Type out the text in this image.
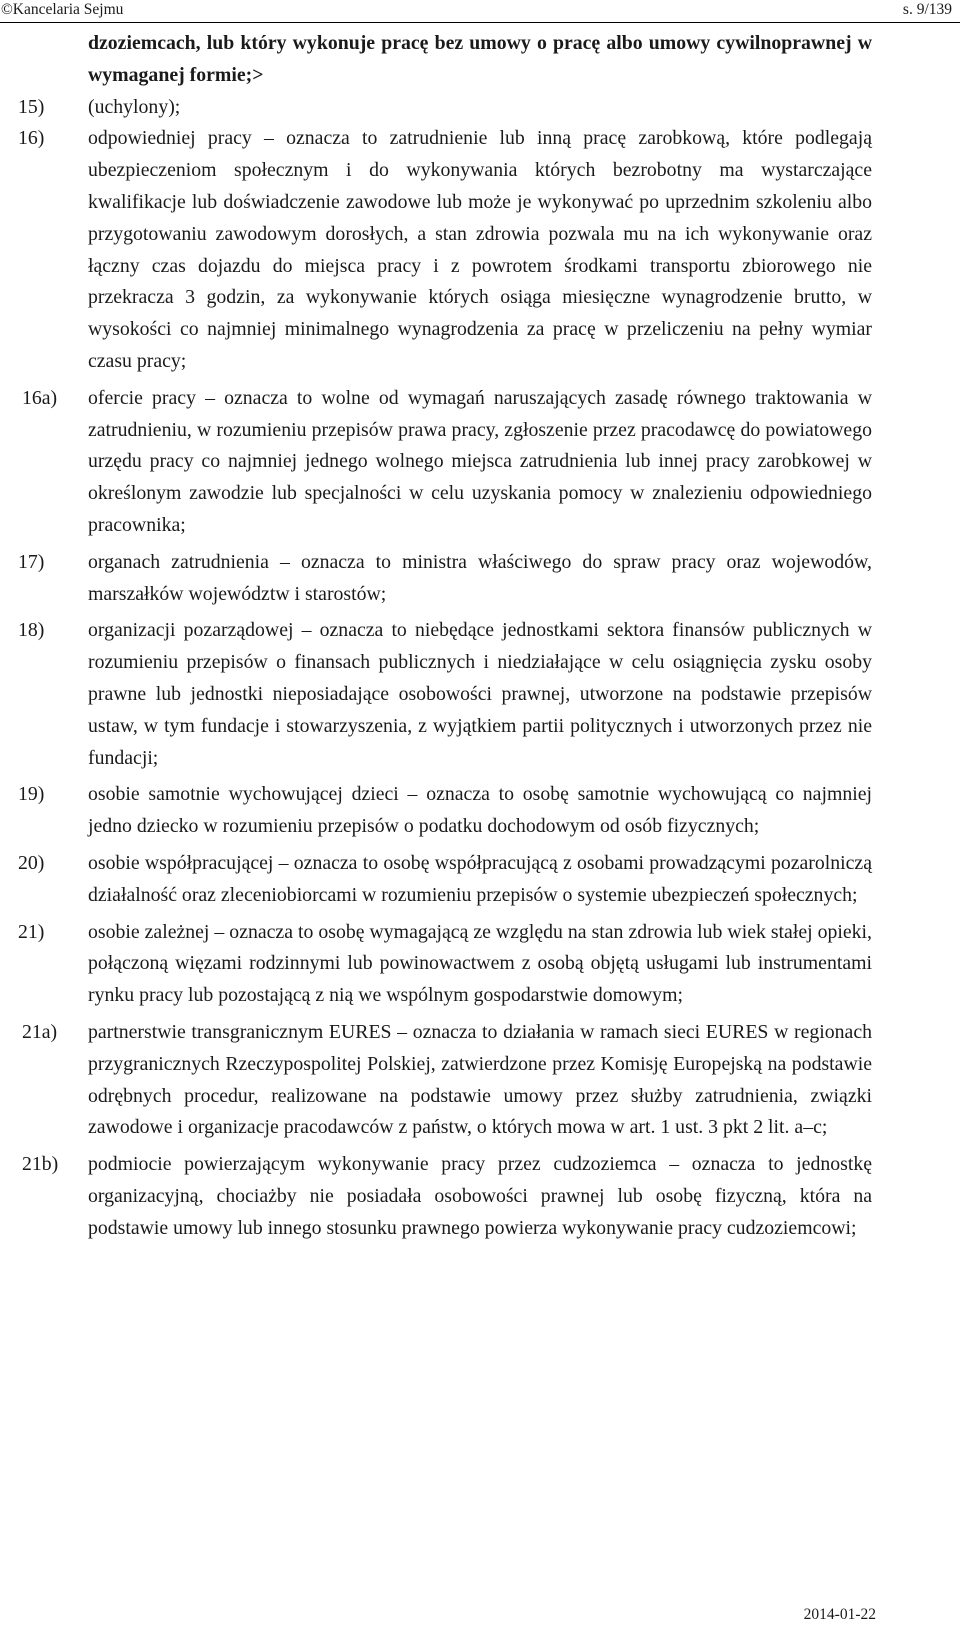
©Kancelaria Sejmu	s. 9/139

dzoziemcach, lub który wykonuje pracę bez umowy o pracę albo umowy cywilnoprawnej w wymaganej formie;>

15) (uchylony);
16) odpowiedniej pracy – oznacza to zatrudnienie lub inną pracę zarobkową, które podlegają ubezpieczeniom społecznym i do wykonywania których bezrobotny ma wystarczające kwalifikacje lub doświadczenie zawodowe lub może je wykonywać po uprzednim szkoleniu albo przygotowaniu zawodowym dorosłych, a stan zdrowia pozwala mu na ich wykonywanie oraz łączny czas dojazdu do miejsca pracy i z powrotem środkami transportu zbiorowego nie przekracza 3 godzin, za wykonywanie których osiąga miesięczne wynagrodzenie brutto, w wysokości co najmniej minimalnego wynagrodzenia za pracę w przeliczeniu na pełny wymiar czasu pracy;
16a) ofercie pracy – oznacza to wolne od wymagań naruszających zasadę równego traktowania w zatrudnieniu, w rozumieniu przepisów prawa pracy, zgłoszenie przez pracodawcę do powiatowego urzędu pracy co najmniej jednego wolnego miejsca zatrudnienia lub innej pracy zarobkowej w określonym zawodzie lub specjalności w celu uzyskania pomocy w znalezieniu odpowiedniego pracownika;
17) organach zatrudnienia – oznacza to ministra właściwego do spraw pracy oraz wojewodów, marszałków województw i starostów;
18) organizacji pozarządowej – oznacza to niebędące jednostkami sektora finansów publicznych w rozumieniu przepisów o finansach publicznych i niedziałające w celu osiągnięcia zysku osoby prawne lub jednostki nieposiadające osobowości prawnej, utworzone na podstawie przepisów ustaw, w tym fundacje i stowarzyszenia, z wyjątkiem partii politycznych i utworzonych przez nie fundacji;
19) osobie samotnie wychowującej dzieci – oznacza to osobę samotnie wychowującą co najmniej jedno dziecko w rozumieniu przepisów o podatku dochodowym od osób fizycznych;
20) osobie współpracującej – oznacza to osobę współpracującą z osobami prowadzącymi pozarolniczą działalność oraz zleceniobiorcami w rozumieniu przepisów o systemie ubezpieczeń społecznych;
21) osobie zależnej – oznacza to osobę wymagającą ze względu na stan zdrowia lub wiek stałej opieki, połączoną więzami rodzinnymi lub powinowactwem z osobą objętą usługami lub instrumentami rynku pracy lub pozostającą z nią we wspólnym gospodarstwie domowym;
21a) partnerstwie transgranicznym EURES – oznacza to działania w ramach sieci EURES w regionach przygranicznych Rzeczypospolitej Polskiej, zatwierdzone przez Komisję Europejską na podstawie odrębnych procedur, realizowane na podstawie umowy przez służby zatrudnienia, związki zawodowe i organizacje pracodawców z państw, o których mowa w art. 1 ust. 3 pkt 2 lit. a–c;
21b) podmiocie powierzającym wykonywanie pracy przez cudzoziemca – oznacza to jednostkę organizacyjną, chociażby nie posiadała osobowości prawnej lub osobę fizyczną, która na podstawie umowy lub innego stosunku prawnego powierza wykonywanie pracy cudzoziemcowi;
2014-01-22
